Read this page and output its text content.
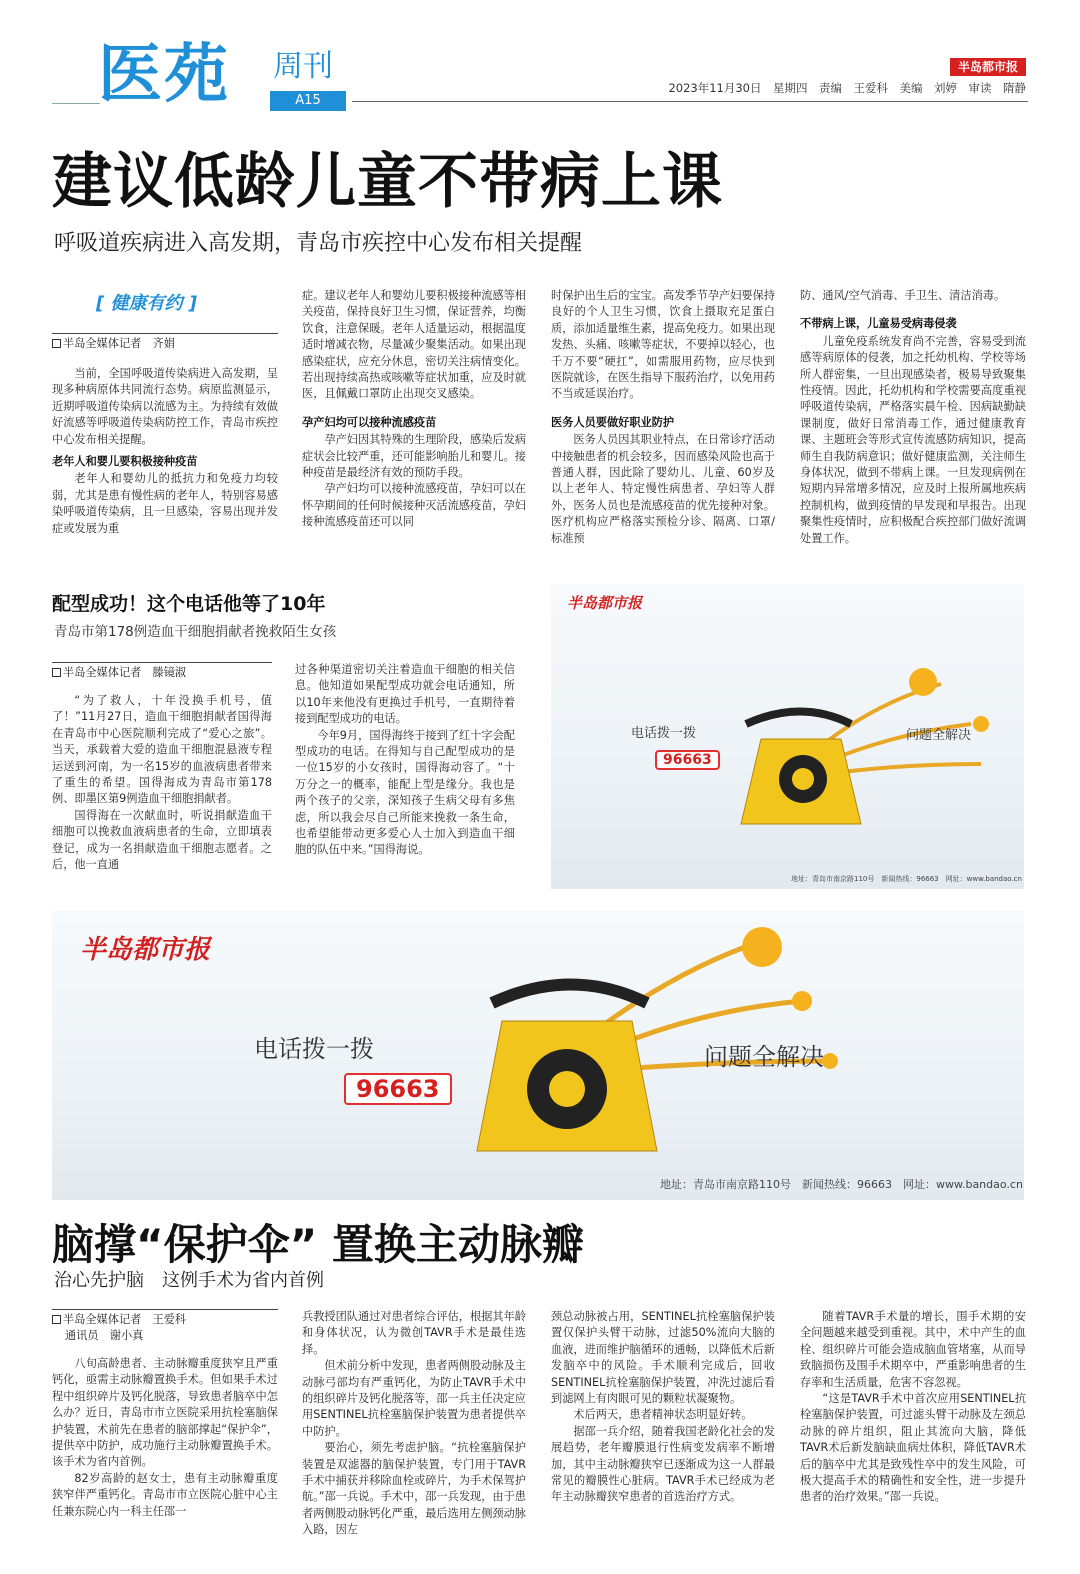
医苑 周刊
A15
半岛都市报
2023年11月30日　星期四　责编　王爱科　美编　刘婷　审读　隋静
建议低龄儿童不带病上课
呼吸道疾病进入高发期，青岛市疾控中心发布相关提醒
[ 健康有约 ]
半岛全媒体记者　齐娟

当前，全国呼吸道传染病进入高发期，呈现多种病原体共同流行态势。病原监测显示，近期呼吸道传染病以流感为主。为持续有效做好流感等呼吸道传染病防控工作，青岛市疾控中心发布相关提醒。

老年人和婴儿要积极接种疫苗

老年人和婴幼儿的抵抗力和免疫力均较弱，尤其是患有慢性病的老年人，特别容易感染呼吸道传染病，且一旦感染，容易出现并发症或发展为重

症。建议老年人和婴幼儿要积极接种流感等相关疫苗，保持良好卫生习惯，保证营养，均衡饮食，注意保暖。老年人适量运动，根据温度适时增减衣物，尽量减少聚集活动。如果出现感染症状，应充分休息，密切关注病情变化。若出现持续高热或咳嗽等症状加重，应及时就医，且佩戴口罩防止出现交叉感染。

孕产妇均可以接种流感疫苗

孕产妇因其特殊的生理阶段，感染后发病症状会比较严重，还可能影响胎儿和婴儿。接种疫苗是最经济有效的预防手段。

孕产妇均可以接种流感疫苗，孕妇可以在怀孕期间的任何时候接种灭活流感疫苗，孕妇接种流感疫苗还可以同

时保护出生后的宝宝。高发季节孕产妇要保持良好的个人卫生习惯，饮食上摄取充足蛋白质，添加适量维生素，提高免疫力。如果出现发热、头痛、咳嗽等症状，不要掉以轻心，也千万不要“硬扛”，如需服用药物，应尽快到医院就诊，在医生指导下服药治疗，以免用药不当或延误治疗。

医务人员要做好职业防护

医务人员因其职业特点，在日常诊疗活动中接触患者的机会较多，因而感染风险也高于普通人群，因此除了婴幼儿、儿童、60岁及以上老年人、特定慢性病患者、孕妇等人群外，医务人员也是流感疫苗的优先接种对象。医疗机构应严格落实预检分诊、隔离、口罩/标准预

防、通风/空气消毒、手卫生、清洁消毒。

不带病上课，儿童易受病毒侵袭

儿童免疫系统发育尚不完善，容易受到流感等病原体的侵袭，加之托幼机构、学校等场所人群密集，一旦出现感染者，极易导致聚集性疫情。因此，托幼机构和学校需要高度重视呼吸道传染病，严格落实晨午检、因病缺勤缺课制度，做好日常消毒工作，通过健康教育课、主题班会等形式宣传流感防病知识，提高师生自我防病意识；做好健康监测，关注师生身体状况，做到不带病上课。一旦发现病例在短期内异常增多情况，应及时上报所属地疾病控制机构，做到疫情的早发现和早报告。出现聚集性疫情时，应积极配合疾控部门做好流调处置工作。

配型成功！这个电话他等了10年
青岛市第178例造血干细胞捐献者挽救陌生女孩
半岛全媒体记者　滕镜淑

“为了救人，十年没换手机号，值了！”11月27日，造血干细胞捐献者国得海在青岛市中心医院顺利完成了“爱心之旅”。当天，承载着大爱的造血干细胞混悬液专程运送到河南，为一名15岁的血液病患者带来了重生的希望。国得海成为青岛市第178例、即墨区第9例造血干细胞捐献者。

国得海在一次献血时，听说捐献造血干细胞可以挽救血液病患者的生命，立即填表登记，成为一名捐献造血干细胞志愿者。之后，他一直通

过各种渠道密切关注着造血干细胞的相关信息。他知道如果配型成功就会电话通知，所以10年来他没有更换过手机号，一直期待着接到配型成功的电话。

今年9月，国得海终于接到了红十字会配型成功的电话。在得知与自己配型成功的是一位15岁的小女孩时，国得海动容了。“十万分之一的概率，能配上型是缘分。我也是两个孩子的父亲，深知孩子生病父母有多焦虑，所以我会尽自己所能来挽救一条生命，也希望能带动更多爱心人士加入到造血干细胞的队伍中来。”国得海说。

半岛都市报
电话拨一拨
96663
问题全解决
地址：青岛市南京路110号　新闻热线：96663　网址：www.bandao.cn
半岛都市报
电话拨一拨
96663
问题全解决
地址：青岛市南京路110号　新闻热线：96663　网址：www.bandao.cn
脑撑“保护伞” 置换主动脉瓣
治心先护脑　这例手术为省内首例
半岛全媒体记者　王爱科
通讯员　谢小真

八旬高龄患者、主动脉瓣重度狭窄且严重钙化，亟需主动脉瓣置换手术。但如果手术过程中组织碎片及钙化脱落，导致患者脑卒中怎么办？近日，青岛市市立医院采用抗栓塞脑保护装置，术前先在患者的脑部撑起“保护伞”，提供卒中防护，成功施行主动脉瓣置换手术。该手术为省内首例。

82岁高龄的赵女士，患有主动脉瓣重度狭窄伴严重钙化。青岛市市立医院心脏中心主任兼东院心内一科主任邵一

兵教授团队通过对患者综合评估，根据其年龄和身体状况，认为微创TAVR手术是最佳选择。

但术前分析中发现，患者两侧股动脉及主动脉弓部均有严重钙化，为防止TAVR手术中的组织碎片及钙化脱落等，邵一兵主任决定应用SENTINEL抗栓塞脑保护装置为患者提供卒中防护。

要治心，须先考虑护脑。“抗栓塞脑保护装置是双滤器的脑保护装置，专门用于TAVR手术中捕获并移除血栓或碎片，为手术保驾护航。”邵一兵说。手术中，邵一兵发现，由于患者两侧股动脉钙化严重，最后选用左侧颈动脉入路，因左

颈总动脉被占用，SENTINEL抗栓塞脑保护装置仅保护头臂干动脉，过滤50%流向大脑的血液，进而维护脑循环的通畅，以降低术后新发脑卒中的风险。手术顺利完成后，回收SENTINEL抗栓塞脑保护装置，冲洗过滤后看到滤网上有肉眼可见的颗粒状凝聚物。

术后两天，患者精神状态明显好转。

据邵一兵介绍，随着我国老龄化社会的发展趋势，老年瓣膜退行性病变发病率不断增加，其中主动脉瓣狭窄已逐渐成为这一人群最常见的瓣膜性心脏病。TAVR手术已经成为老年主动脉瓣狭窄患者的首选治疗方式。

随着TAVR手术量的增长，围手术期的安全问题越来越受到重视。其中，术中产生的血栓、组织碎片可能会造成脑血管堵塞，从而导致脑损伤及围手术期卒中，严重影响患者的生存率和生活质量，危害不容忽视。

“这是TAVR手术中首次应用SENTINEL抗栓塞脑保护装置，可过滤头臂干动脉及左颈总动脉的碎片组织，阻止其流向大脑，降低TAVR术后新发脑缺血病灶体积，降低TAVR术后的脑卒中尤其是致残性卒中的发生风险，可极大提高手术的精确性和安全性，进一步提升患者的治疗效果。”邵一兵说。
